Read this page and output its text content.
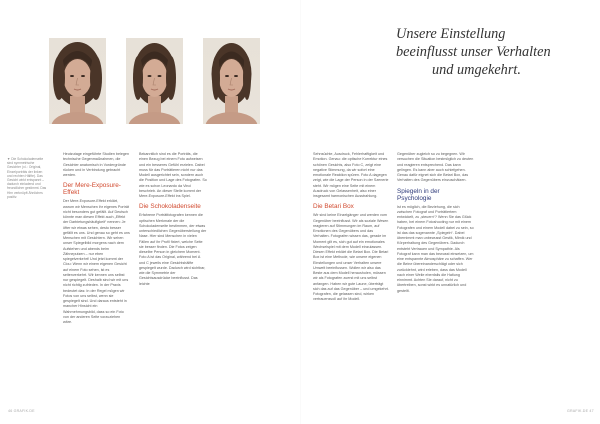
▼Die Schokoladenseite sind symmetrische Gesichter (v.l.: Original, Einzelporträts der linken und rechten Hälfte). Das Gesicht wirkt entspannt – dadurch einladend und freundlicher gestimmt. Das Hirn verknüpft Ähnliches positiv.

Heutzutage eingeführte Studien belegen technische Gegenmaßnahmen, die Gesichter anatomisch in Vordergründe rücken und in Verbindung gebracht werden.

Der Mere-Exposure-Effekt

Der Mere-Exposure-Effekt erklärt, warum wir Menschen ihr eigenes Porträt nicht besonders gut gefällt. Auf Deutsch könnte man diesen Effekt auch „Effekt der Darbietungshäufigkeit“ nennen: Je öfter wir etwas sehen, desto besser gefällt es uns. Und genau so geht es uns Menschen mit Gesichtern. Wir sehen unser Spiegelbild morgens nach dem Aufstehen und abends beim Zähneputzen – nur eben spiegelverkehrt! Und jetzt kommt der Clou: Wenn wir einem eigenen Gesicht auf einem Foto sehen, ist es seitenverkehrt. Wir kennen uns selbst nur gespiegelt. Deshalb sind wir mit uns nicht richtig zufrieden. In der Praxis bedeutet das: In der Regel mögen wir Fotos von uns selbst, wenn sie gespiegelt sind. Und daraus entsteht in mancher Hinsicht ein Wahrnehmungsbild, dass so ein Foto von der anderen Seite vorzuziehen wäre.

Bekanntlich sind es die Porträts, die einen Bezug bei einem Foto aufweisen und ein besseres Gefühl erzielen. Dabei muss für das Porträtieren nicht nur das Modell ausgerichtet sein, sondern auch die Position und Lage des Fotografen. So wie es schon Leonardo da Vinci beschrieb. An dieser Stelle kommt der Mere-Exposure-Effekt ins Spiel.

Die Schokoladenseite

Erfahrene Porträtfotografen kennen die optischen Merkmale der die Schokoladenseite bestimmen, der etwas unterschiedlichen Gegenüberstellung der Nase. Hier sind Menschen in vielen Fällen auf ihr Profil fixiert, welche Seite sie besser finden. Die Fotos zeigen dieselbe Person in gleichem Moment. Foto A ist das Original, während bei A und C jeweils eine Gesichtshälfte gespiegelt wurde. Dadurch wird sichtbar, wie die Symmetrie der Gesichtsausdrücke beeinflusst. Das leichte

Unsere Einstellung
beeinflusst unser Verhalten
und umgekehrt.

Sehnsüchte, Ausdruck, Fehlerhaftigkeit und Emotion. Genau: die optische Korrektur eines schönen Gesichts, also Foto C, zeigt eine negative Stimmung, da wir sofort eine emotionale Reaktion spüren. Foto A dagegen zeigt, wie die Lage der Person in der Szenerie steht. Wir mögen eine Seite mit einem Ausdruck von Gelassenheit, also einer insgesamt harmonischen Ausstrahlung.

Die Betari Box

Wir sind keine Einzelgänger und werden vom Gegenüber beeinflusst. Wir als soziale Wesen reagieren auf Stimmungen im Raum, auf Emotionen des Gegenübers und das Verhalten. Fotografen wissen das, gerade im Moment gilt es, sich gut auf ein emotionales Wechselspiel mit dem Modell einzulassen. Diesen Effekt erklärt die Betari Box. Die Betari Box ist eine Methode, wie unsere eigenen Einstellungen und unser Verhalten unsere Umwelt beeinflussen. Wollen wir also das Beste aus dem Modell herausholen, müssen wir als Fotografen zuerst mit uns selbst anfangen. Haben wir gute Laune, überträgt sich das auf das Gegenüber – und umgekehrt. Fotografen, die gelassen sind, wirken vertrauensvoll auf ihr Modell.

Gegenüber zugleich so zu begegnen. Wir versuchen die Situation bestmöglich zu deuten und reagieren entsprechend. Das kann gelingen. Es kann aber auch schiefgehen. Genau dafür eignet sich die Betari Box, das Verhalten des Gegenübers einzuschätzen.

Spiegeln in der Psychologie

Ist es möglich, die Beziehung, die sich zwischen Fotograf und Porträtiertem entwickelt, zu „steuern“? Wenn Sie das Glück haben, bei einem Fotoshooting nur mit einem Fotografen und einem Modell dabei zu sein, so ist das das sogenannte „Spiegeln“. Dabei übernimmt man unbewusst Gestik, Mimik und Körperhaltung des Gegenübers. Dadurch entsteht Vertrauen und Sympathie. Als Fotograf kann man das bewusst einsetzen, um eine entspannte Atmosphäre zu schaffen. Wer die Beine übereinanderschlägt oder sich zurücklehnt, wird erleben, dass das Modell nach einer Weile ebenfalls die Haltung einnimmt. Achten Sie darauf, nicht zu übertreiben, sonst wirkt es unnatürlich und gestellt.

46 GRAFIK.DE	GRAFIK.DE 47
